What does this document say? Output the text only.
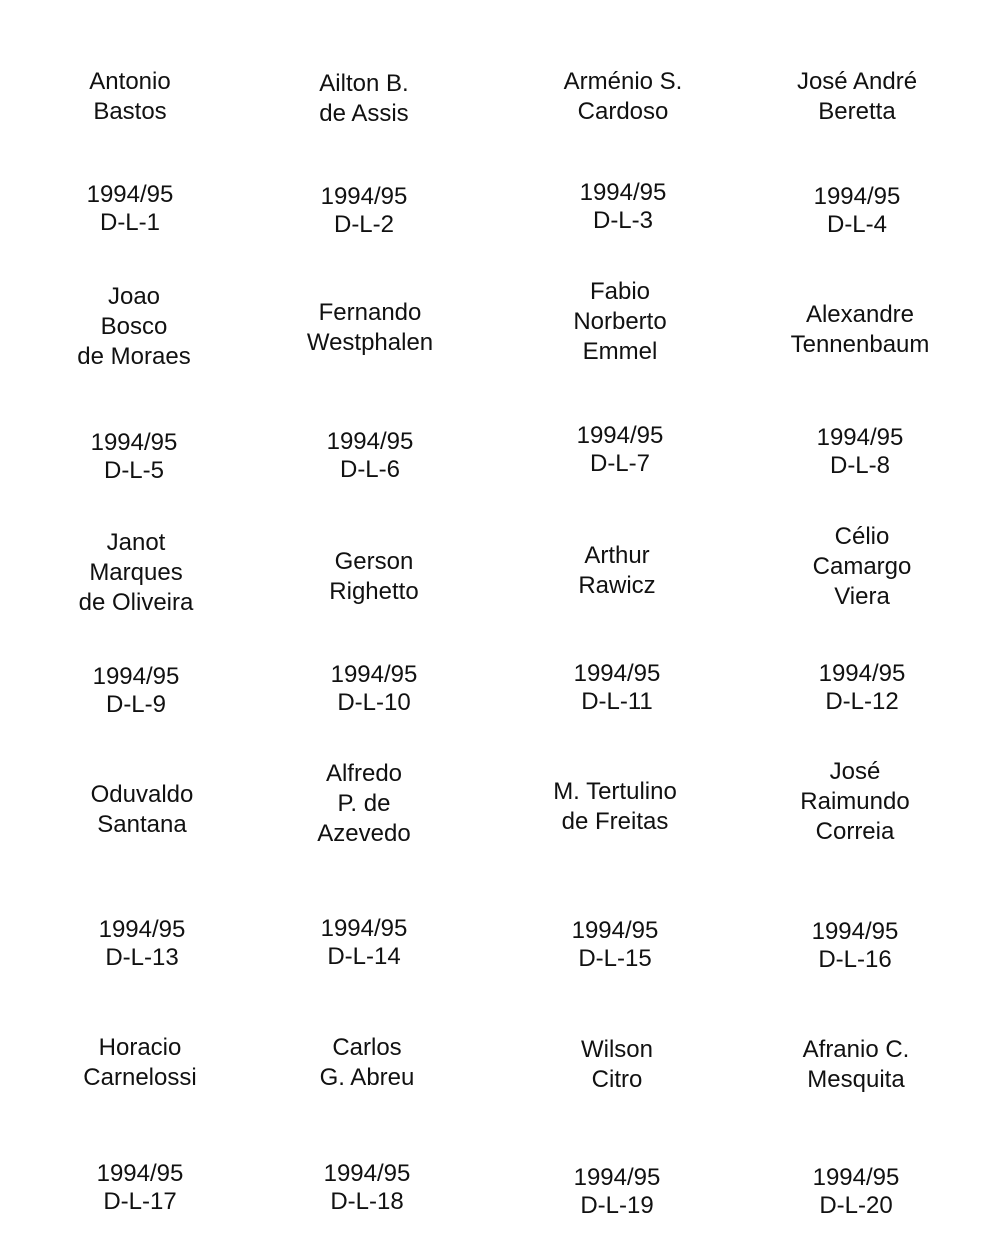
Antonio
Bastos
1994/95
D-L-1
Ailton B.
de Assis
1994/95
D-L-2
Arménio S.
Cardoso
1994/95
D-L-3
José André
Beretta
1994/95
D-L-4
Joao
Bosco
de Moraes
1994/95
D-L-5
Fernando
Westphalen
1994/95
D-L-6
Fabio
Norberto
Emmel
1994/95
D-L-7
Alexandre
Tennenbaum
1994/95
D-L-8
Janot
Marques
de Oliveira
1994/95
D-L-9
Gerson
Righetto
1994/95
D-L-10
Arthur
Rawicz
1994/95
D-L-11
Célio
Camargo
Viera
1994/95
D-L-12
Oduvaldo
Santana
1994/95
D-L-13
Alfredo
P. de
Azevedo
1994/95
D-L-14
M. Tertulino
de Freitas
1994/95
D-L-15
José
Raimundo
Correia
1994/95
D-L-16
Horacio
Carnelossi
1994/95
D-L-17
Carlos
G. Abreu
1994/95
D-L-18
Wilson
Citro
1994/95
D-L-19
Afranio C.
Mesquita
1994/95
D-L-20
